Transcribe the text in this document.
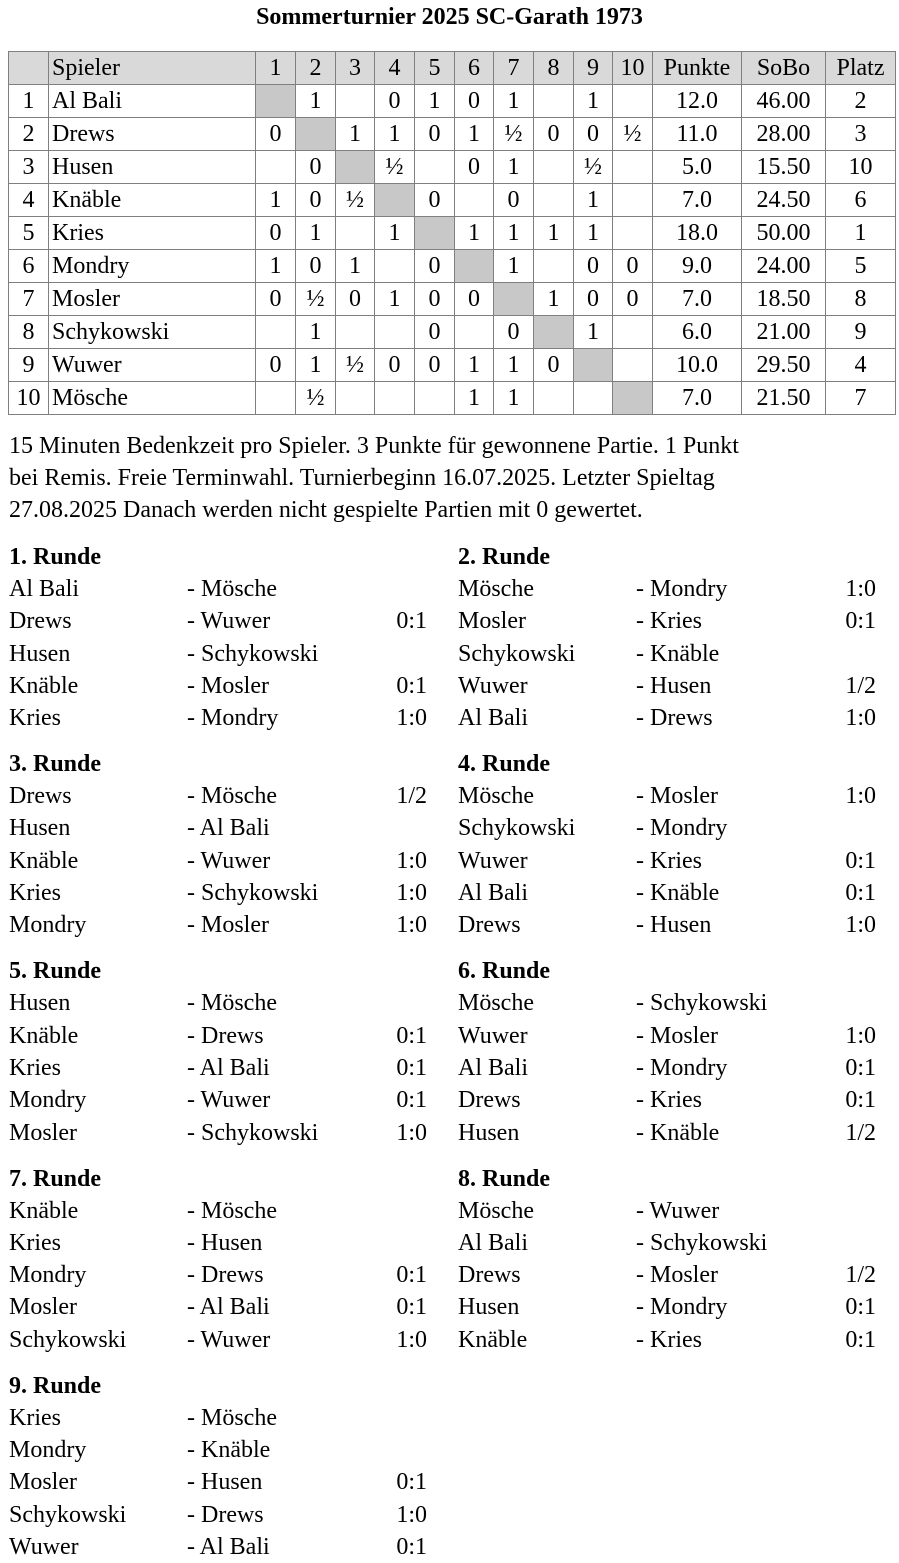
Sommerturnier 2025 SC-Garath 1973
	Spieler	1	2	3	4	5	6	7	8	9	10	Punkte	SoBo	Platz
1	Al Bali		1		0	1	0	1		1		12.0	46.00	2
2	Drews	0		1	1	0	1	½	0	0	½	11.0	28.00	3
3	Husen		0		½		0	1		½		5.0	15.50	10
4	Knäble	1	0	½		0		0		1		7.0	24.50	6
5	Kries	0	1		1		1	1	1	1		18.0	50.00	1
6	Mondry	1	0	1		0		1		0	0	9.0	24.00	5
7	Mosler	0	½	0	1	0	0		1	0	0	7.0	18.50	8
8	Schykowski		1			0		0		1		6.0	21.00	9
9	Wuwer	0	1	½	0	0	1	1	0			10.0	29.50	4
10	Mösche		½				1	1				7.0	21.50	7
15 Minuten Bedenkzeit pro Spieler. 3 Punkte für gewonnene Partie. 1 Punkt
bei Remis. Freie Terminwahl. Turnierbeginn 16.07.2025. Letzter Spieltag
27.08.2025 Danach werden nicht gespielte Partien mit 0 gewertet.
1. Runde
Al Bali	- Mösche
Drews	- Wuwer	0:1
Husen	- Schykowski
Knäble	- Mosler	0:1
Kries	- Mondry	1:0
2. Runde
Mösche	- Mondry	1:0
Mosler	- Kries	0:1
Schykowski	- Knäble
Wuwer	- Husen	1/2
Al Bali	- Drews	1:0
3. Runde
Drews	- Mösche	1/2
Husen	- Al Bali
Knäble	- Wuwer	1:0
Kries	- Schykowski	1:0
Mondry	- Mosler	1:0
4. Runde
Mösche	- Mosler	1:0
Schykowski	- Mondry
Wuwer	- Kries	0:1
Al Bali	- Knäble	0:1
Drews	- Husen	1:0
5. Runde
Husen	- Mösche
Knäble	- Drews	0:1
Kries	- Al Bali	0:1
Mondry	- Wuwer	0:1
Mosler	- Schykowski	1:0
6. Runde
Mösche	- Schykowski
Wuwer	- Mosler	1:0
Al Bali	- Mondry	0:1
Drews	- Kries	0:1
Husen	- Knäble	1/2
7. Runde
Knäble	- Mösche
Kries	- Husen
Mondry	- Drews	0:1
Mosler	- Al Bali	0:1
Schykowski	- Wuwer	1:0
8. Runde
Mösche	- Wuwer
Al Bali	- Schykowski
Drews	- Mosler	1/2
Husen	- Mondry	0:1
Knäble	- Kries	0:1
9. Runde
Kries	- Mösche
Mondry	- Knäble
Mosler	- Husen	0:1
Schykowski	- Drews	1:0
Wuwer	- Al Bali	0:1
